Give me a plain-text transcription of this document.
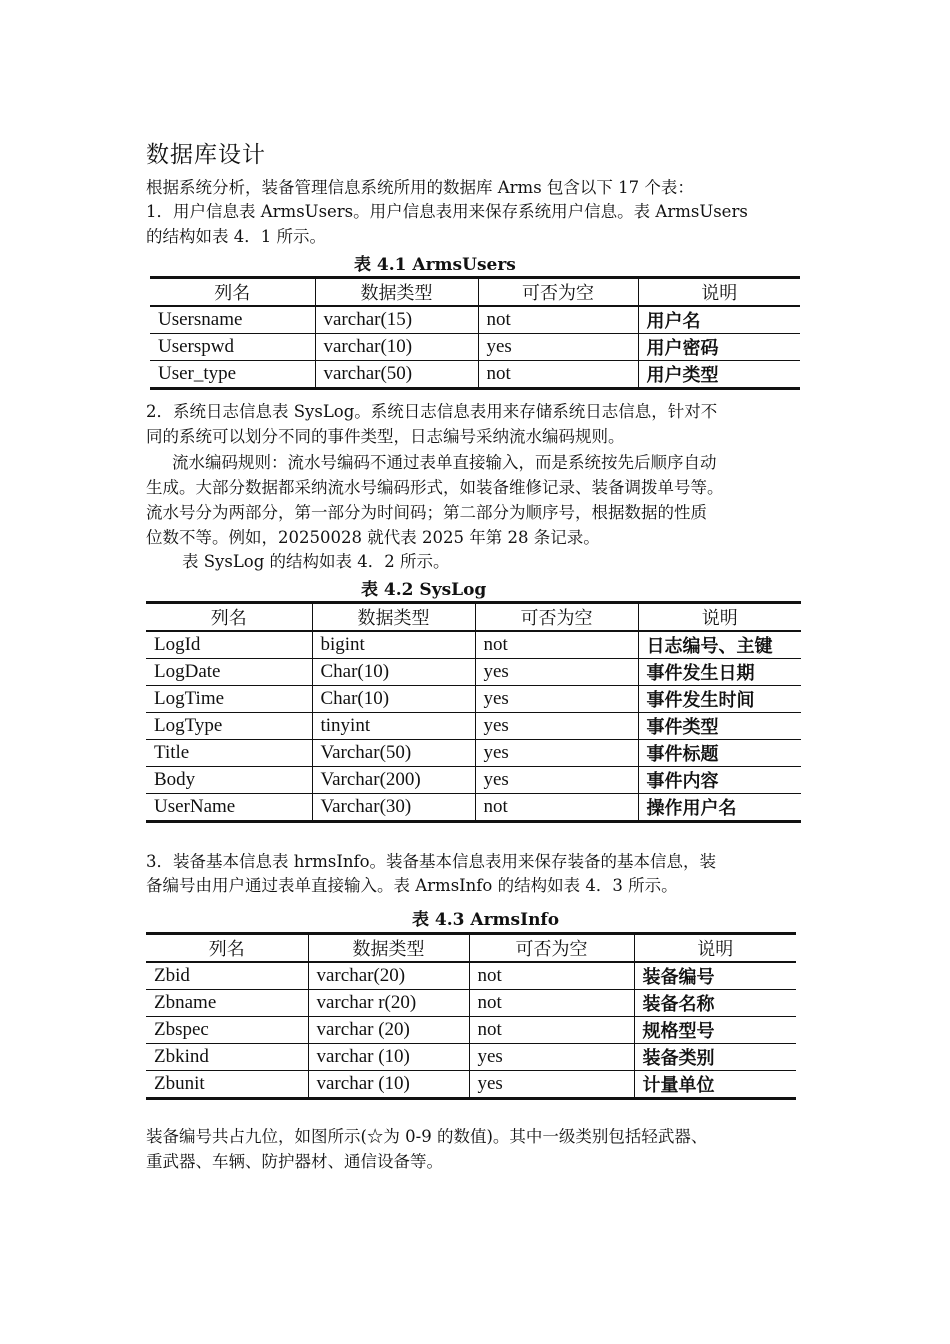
数据库设计
根据系统分析，装备管理信息系统所用的数据库 Arms 包含以下 17 个表：
1．用户信息表 ArmsUsers。用户信息表用来保存系统用户信息。表 ArmsUsers
的结构如表 4．1 所示。
表 4.1 ArmsUsers
列名	数据类型	可否为空	说明
Usersname	varchar(15)	not	用户名
Userspwd	varchar(10)	yes	用户密码
User_type	varchar(50)	not	用户类型
2．系统日志信息表 SysLog。系统日志信息表用来存储系统日志信息，针对不
同的系统可以划分不同的事件类型，日志编号采纳流水编码规则。
流水编码规则：流水号编码不通过表单直接输入，而是系统按先后顺序自动
生成。大部分数据都采纳流水号编码形式，如装备维修记录、装备调拨单号等。
流水号分为两部分，第一部分为时间码；第二部分为顺序号，根据数据的性质
位数不等。例如，20250028 就代表 2025 年第 28 条记录。
表 SysLog 的结构如表 4．2 所示。
表 4.2 SysLog
列名	数据类型	可否为空	说明
LogId	bigint	not	日志编号、主键
LogDate	Char(10)	yes	事件发生日期
LogTime	Char(10)	yes	事件发生时间
LogType	tinyint	yes	事件类型
Title	Varchar(50)	yes	事件标题
Body	Varchar(200)	yes	事件内容
UserName	Varchar(30)	not	操作用户名
3．装备基本信息表 hrmsInfo。装备基本信息表用来保存装备的基本信息，装
备编号由用户通过表单直接输入。表 ArmsInfo 的结构如表 4．3 所示。
表 4.3 ArmsInfo
列名	数据类型	可否为空	说明
Zbid	varchar(20)	not	装备编号
Zbname	varchar r(20)	not	装备名称
Zbspec	varchar (20)	not	规格型号
Zbkind	varchar (10)	yes	装备类别
Zbunit	varchar (10)	yes	计量单位
装备编号共占九位，如图所示(☆为 0-9 的数值)。其中一级类别包括轻武器、
重武器、车辆、防护器材、通信设备等。
